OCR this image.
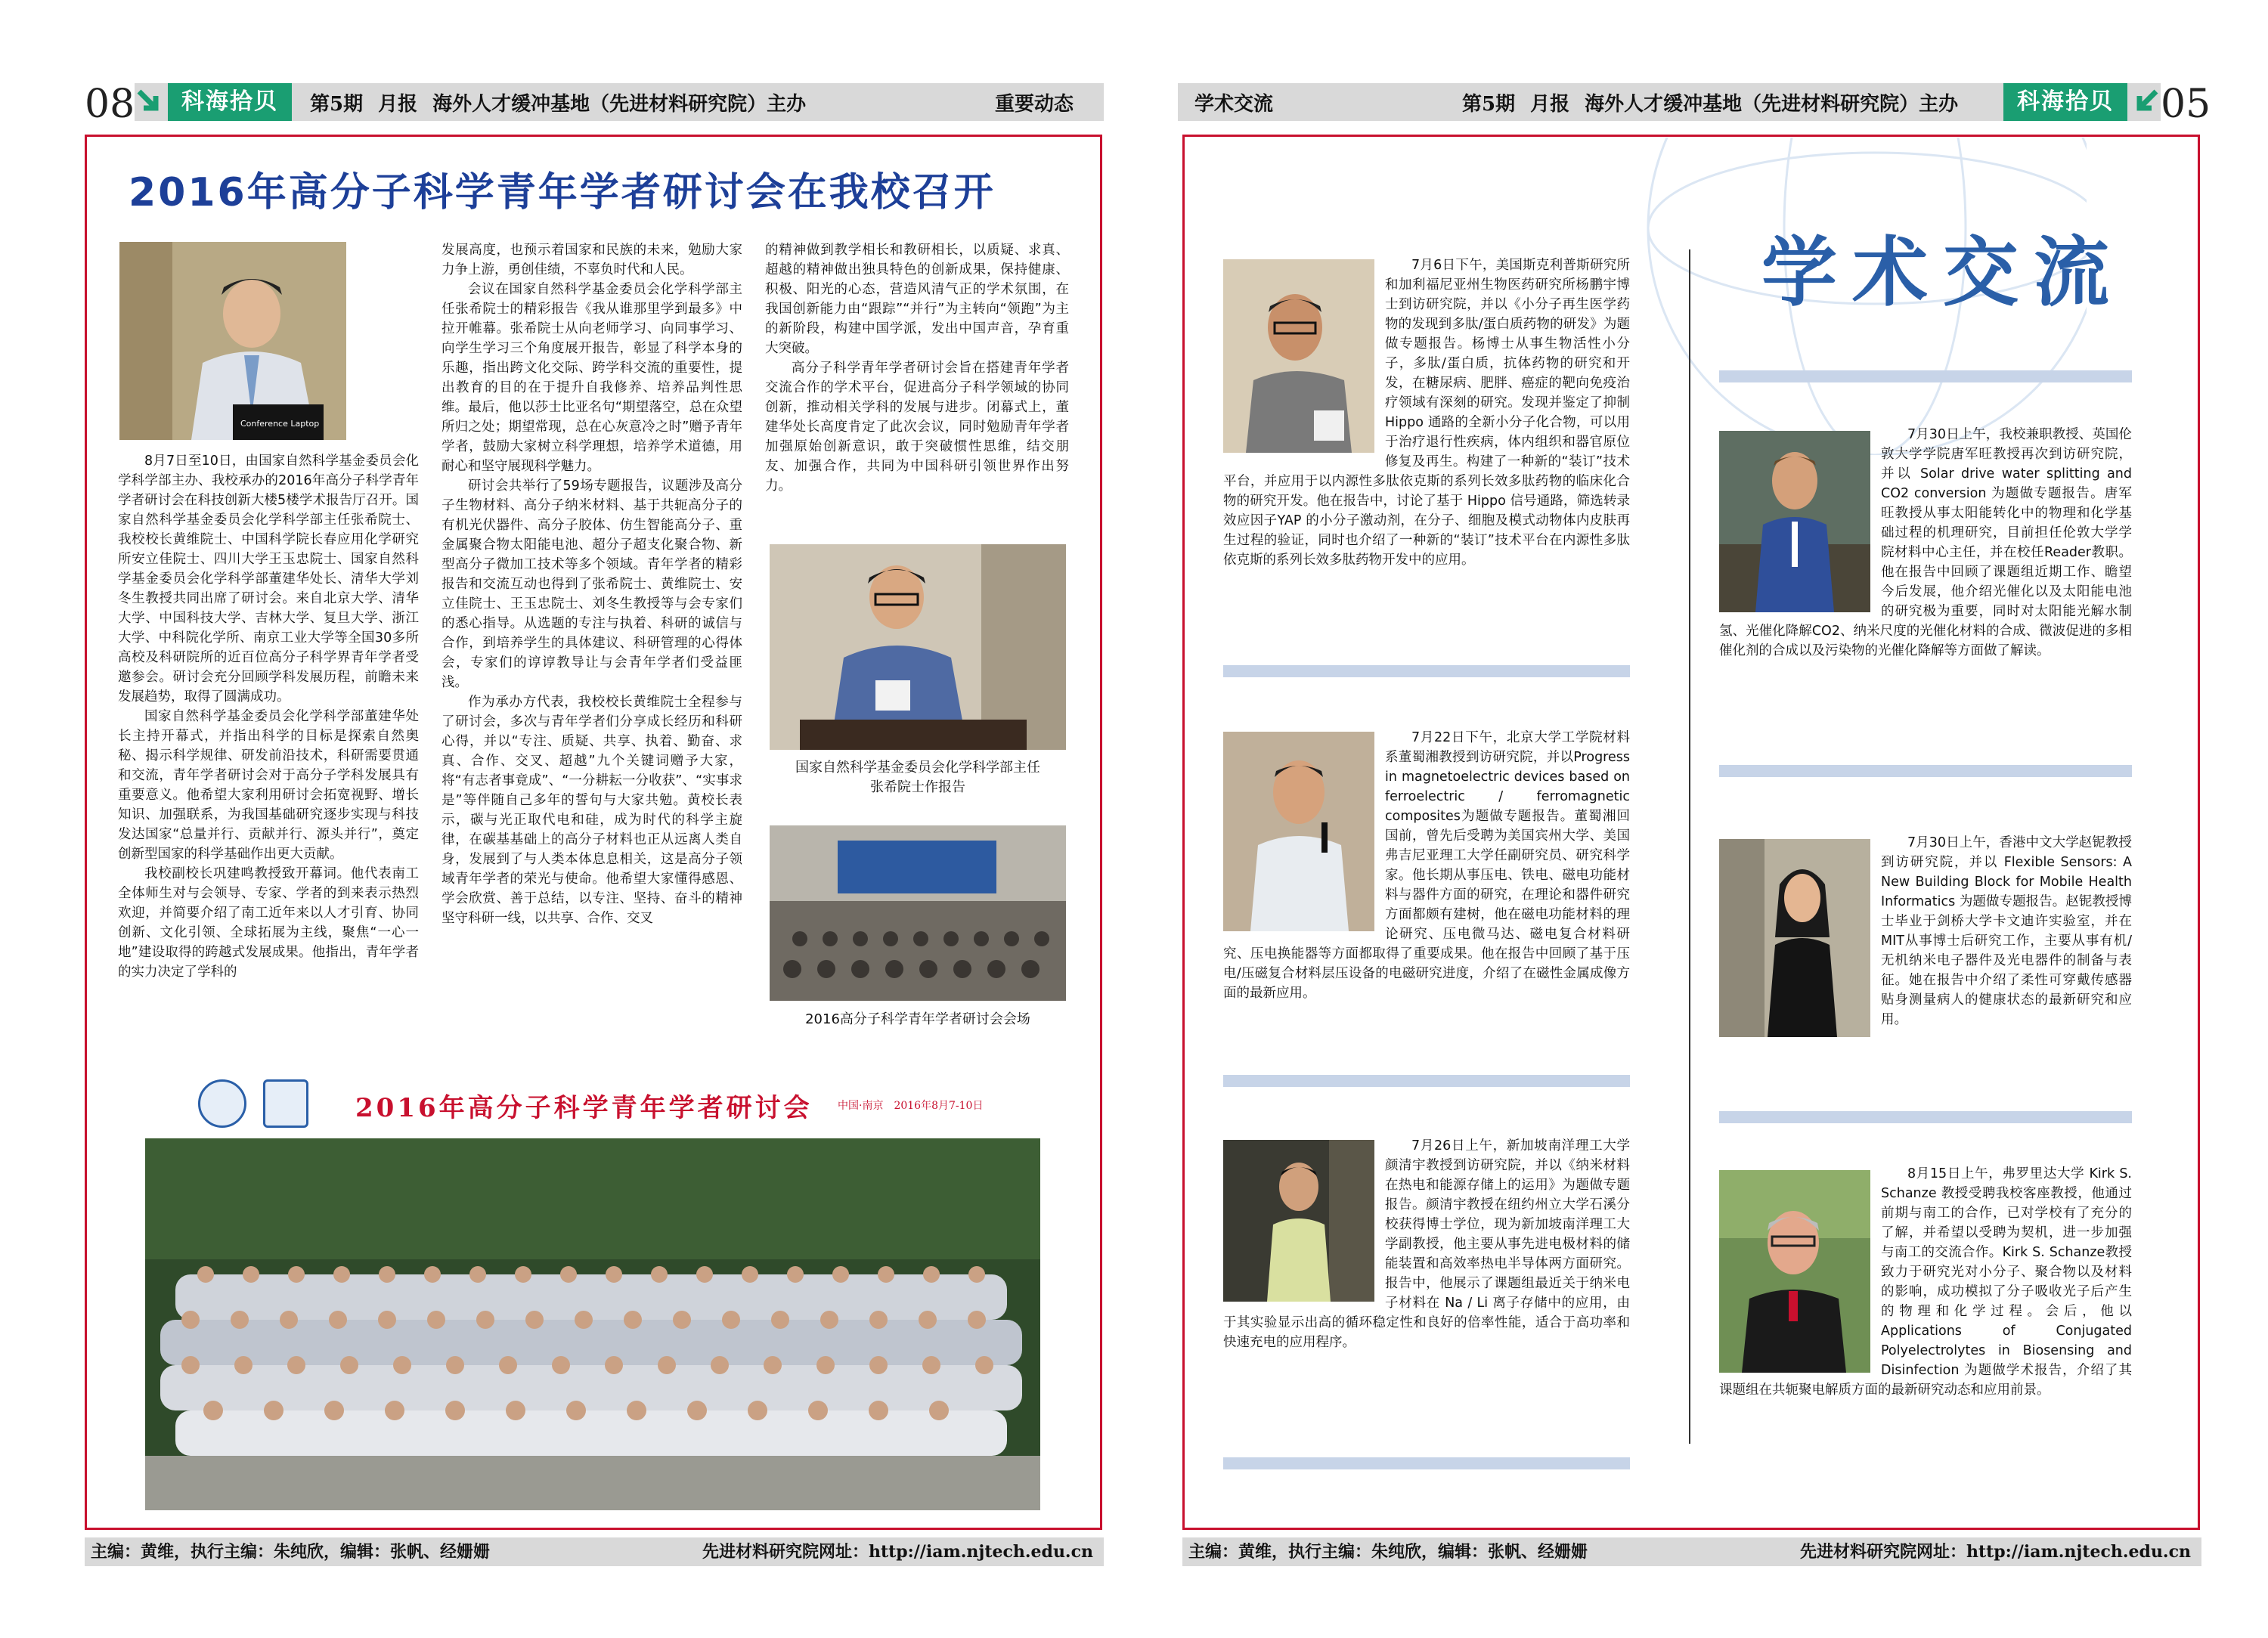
08	科海拾贝	第5期 月报 海外人才缓冲基地（先进材料研究院）主办	重要动态
2016年高分子科学青年学者研讨会在我校召开
Conference Laptop

8月7日至10日，由国家自然科学基金委员会化学科学部主办、我校承办的2016年高分子科学青年学者研讨会在科技创新大楼5楼学术报告厅召开。国家自然科学基金委员会化学科学部主任张希院士、我校校长黄维院士、中国科学院长春应用化学研究所安立佳院士、四川大学王玉忠院士、国家自然科学基金委员会化学科学部董建华处长、清华大学刘冬生教授共同出席了研讨会。来自北京大学、清华大学、中国科技大学、吉林大学、复旦大学、浙江大学、中科院化学所、南京工业大学等全国30多所高校及科研院所的近百位高分子科学界青年学者受邀参会。研讨会充分回顾学科发展历程，前瞻未来发展趋势，取得了圆满成功。

国家自然科学基金委员会化学科学部董建华处长主持开幕式，并指出科学的目标是探索自然奥秘、揭示科学规律、研发前沿技术，科研需要贯通和交流，青年学者研讨会对于高分子学科发展具有重要意义。他希望大家利用研讨会拓宽视野、增长知识、加强联系，为我国基础研究逐步实现与科技发达国家“总量并行、贡献并行、源头并行”，奠定创新型国家的科学基础作出更大贡献。

我校副校长巩建鸣教授致开幕词。他代表南工全体师生对与会领导、专家、学者的到来表示热烈欢迎，并简要介绍了南工近年来以人才引育、协同创新、文化引领、全球拓展为主线，聚焦“一心一地”建设取得的跨越式发展成果。他指出，青年学者的实力决定了学科的

发展高度，也预示着国家和民族的未来，勉励大家力争上游，勇创佳绩，不辜负时代和人民。

会议在国家自然科学基金委员会化学科学部主任张希院士的精彩报告《我从谁那里学到最多》中拉开帷幕。张希院士从向老师学习、向同事学习、向学生学习三个角度展开报告，彰显了科学本身的乐趣，指出跨文化交际、跨学科交流的重要性，提出教育的目的在于提升自我修养、培养品判性思维。最后，他以莎士比亚名句“期望落空，总在众望所归之处；期望常现，总在心灰意冷之时”赠予青年学者，鼓励大家树立科学理想，培养学术道德，用耐心和坚守展现科学魅力。

研讨会共举行了59场专题报告，议题涉及高分子生物材料、高分子纳米材料、基于共轭高分子的有机光伏器件、高分子胶体、仿生智能高分子、重金属聚合物太阳能电池、超分子超支化聚合物、新型高分子微加工技术等多个领域。青年学者的精彩报告和交流互动也得到了张希院士、黄维院士、安立佳院士、王玉忠院士、刘冬生教授等与会专家们的悉心指导。从选题的专注与执着、科研的诚信与合作，到培养学生的具体建议、科研管理的心得体会，专家们的谆谆教导让与会青年学者们受益匪浅。

作为承办方代表，我校校长黄维院士全程参与了研讨会，多次与青年学者们分享成长经历和科研心得，并以“专注、质疑、共享、执着、勤奋、求真、合作、交叉、超越”九个关键词赠予大家，将“有志者事竟成”、“一分耕耘一分收获”、“实事求是”等伴随自己多年的誓句与大家共勉。黄校长表示，碳与光正取代电和硅，成为时代的科学主旋律，在碳基基础上的高分子材料也正从远离人类自身，发展到了与人类本体息息相关，这是高分子领域青年学者的荣光与使命。他希望大家懂得感恩、学会欣赏、善于总结，以专注、坚持、奋斗的精神坚守科研一线，以共享、合作、交叉

的精神做到教学相长和教研相长，以质疑、求真、超越的精神做出独具特色的创新成果，保持健康、积极、阳光的心态，营造风清气正的学术氛围，在我国创新能力由“跟踪”“并行”为主转向“领跑”为主的新阶段，构建中国学派，发出中国声音，孕育重大突破。

高分子科学青年学者研讨会旨在搭建青年学者交流合作的学术平台，促进高分子科学领域的协同创新，推动相关学科的发展与进步。闭幕式上，董建华处长高度肯定了此次会议，同时勉励青年学者加强原始创新意识，敢于突破惯性思维，结交朋友、加强合作，共同为中国科研引领世界作出努力。

国家自然科学基金委员会化学科学部主任
张希院士作报告
2016高分子科学青年学者研讨会会场
2016年高分子科学青年学者研讨会 中国·南京　2016年8月7-10日
主编：黄维，执行主编：朱纯欣，编辑：张帆、经姗姗	先进材料研究院网址：http://iam.njtech.edu.cn
学术交流	第5期 月报 海外人才缓冲基地（先进材料研究院）主办	科海拾贝	05
学术交流

7月6日下午，美国斯克利普斯研究所和加利福尼亚州生物医药研究所杨鹏宇博士到访研究院，并以《小分子再生医学药物的发现到多肽/蛋白质药物的研发》为题做专题报告。杨博士从事生物活性小分子，多肽/蛋白质，抗体药物的研究和开发，在糖尿病、肥胖、癌症的靶向免疫治疗领域有深刻的研究。发现并鉴定了抑制 Hippo 通路的全新小分子化合物，可以用于治疗退行性疾病，体内组织和器官原位修复及再生。构建了一种新的“装订”技术平台，并应用于以内源性多肽依克斯的系列长效多肽药物的临床化合物的研究开发。他在报告中，讨论了基于 Hippo 信号通路，筛选转录效应因子YAP 的小分子激动剂，在分子、细胞及模式动物体内皮肤再生过程的验证，同时也介绍了一种新的“装订”技术平台在内源性多肽依克斯的系列长效多肽药物开发中的应用。

7月22日下午，北京大学工学院材料系董蜀湘教授到访研究院，并以Progress in magnetoelectric devices based on ferroelectric / ferromagnetic composites为题做专题报告。董蜀湘回国前，曾先后受聘为美国宾州大学、美国弗吉尼亚理工大学任副研究员、研究科学家。他长期从事压电、铁电、磁电功能材料与器件方面的研究，在理论和器件研究方面都颇有建树，他在磁电功能材料的理论研究、压电微马达、磁电复合材料研究、压电换能器等方面都取得了重要成果。他在报告中回顾了基于压电/压磁复合材料层压设备的电磁研究进度，介绍了在磁性金属成像方面的最新应用。

7月26日上午，新加坡南洋理工大学颜清宇教授到访研究院，并以《纳米材料在热电和能源存储上的运用》为题做专题报告。颜清宇教授在纽约州立大学石溪分校获得博士学位，现为新加坡南洋理工大学副教授，他主要从事先进电极材料的储能装置和高效率热电半导体两方面研究。报告中，他展示了课题组最近关于纳米电子材料在 Na / Li 离子存储中的应用，由于其实验显示出高的循环稳定性和良好的倍率性能，适合于高功率和快速充电的应用程序。

7月30日上午，我校兼职教授、英国伦敦大学学院唐军旺教授再次到访研究院，并以 Solar drive water splitting and CO2 conversion 为题做专题报告。唐军旺教授从事太阳能转化中的物理和化学基础过程的机理研究，目前担任伦敦大学学院材料中心主任，并在校任Reader教职。他在报告中回顾了课题组近期工作、瞻望今后发展，他介绍光催化以及太阳能电池的研究极为重要，同时对太阳能光解水制氢、光催化降解CO2、纳米尺度的光催化材料的合成、微波促进的多相催化剂的合成以及污染物的光催化降解等方面做了解读。

7月30日上午，香港中文大学赵铌教授到访研究院，并以 Flexible Sensors: A New Building Block for Mobile Health Informatics 为题做专题报告。赵铌教授博士毕业于剑桥大学卡文迪许实验室，并在MIT从事博士后研究工作，主要从事有机/无机纳米电子器件及光电器件的制备与表征。她在报告中介绍了柔性可穿戴传感器贴身测量病人的健康状态的最新研究和应用。

8月15日上午，弗罗里达大学 Kirk S. Schanze 教授受聘我校客座教授，他通过前期与南工的合作，已对学校有了充分的了解，并希望以受聘为契机，进一步加强与南工的交流合作。Kirk S. Schanze教授致力于研究光对小分子、聚合物以及材料的影响，成功模拟了分子吸收光子后产生的物理和化学过程。会后，他以 Applications of Conjugated Polyelectrolytes in Biosensing and Disinfection 为题做学术报告，介绍了其课题组在共轭聚电解质方面的最新研究动态和应用前景。

主编：黄维，执行主编：朱纯欣，编辑：张帆、经姗姗	先进材料研究院网址：http://iam.njtech.edu.cn
